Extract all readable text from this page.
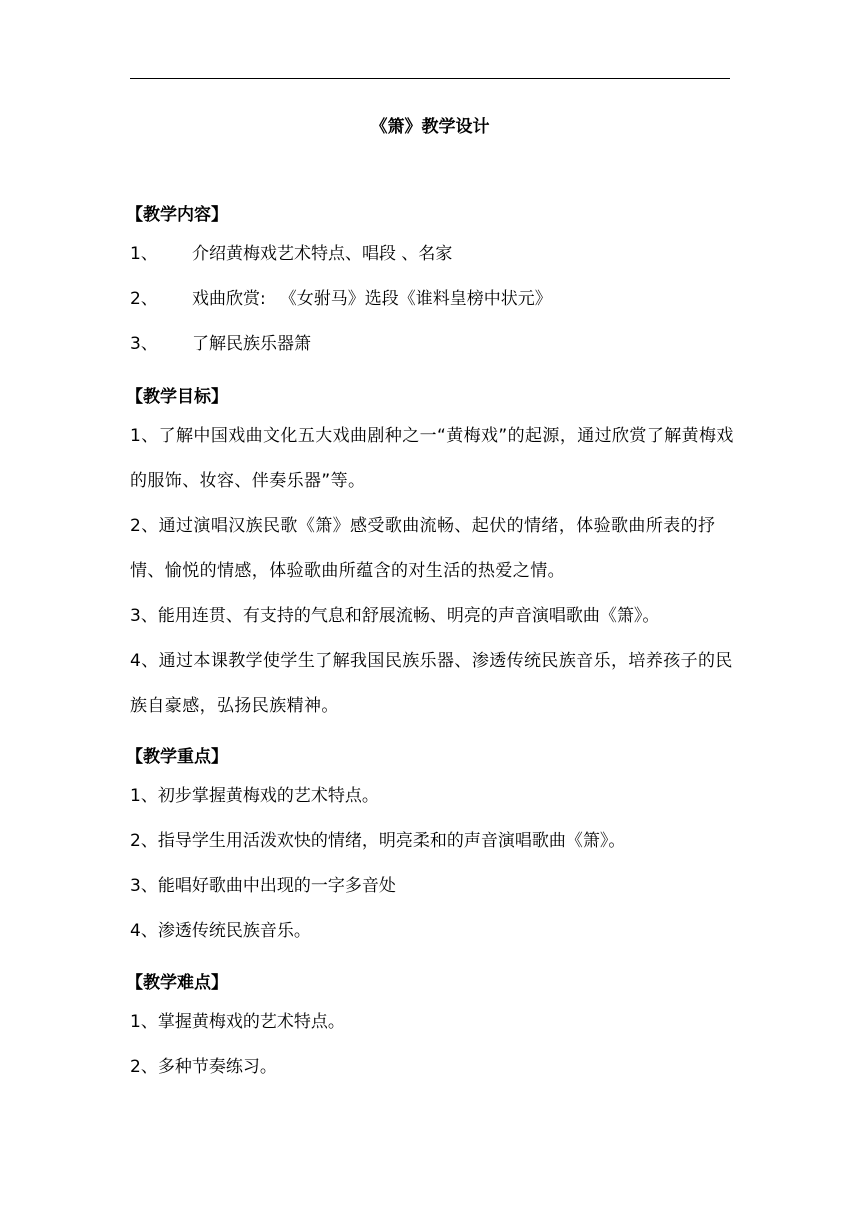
《箫》教学设计
【教学内容】
1、 介绍黄梅戏艺术特点、唱段 、名家
2、 戏曲欣赏: 《女驸马》选段《谁料皇榜中状元》
3、 了解民族乐器箫
【教学目标】
1、了解中国戏曲文化五大戏曲剧种之一“黄梅戏”的起源，通过欣赏了解黄梅戏的服饰、妆容、伴奏乐器”等。
2、通过演唱汉族民歌《箫》感受歌曲流畅、起伏的情绪，体验歌曲所表的抒情、愉悦的情感，体验歌曲所蕴含的对生活的热爱之情。
3、能用连贯、有支持的气息和舒展流畅、明亮的声音演唱歌曲《箫》。
4、通过本课教学使学生了解我国民族乐器、渗透传统民族音乐，培养孩子的民族自豪感，弘扬民族精神。
【教学重点】
1、初步掌握黄梅戏的艺术特点。
2、指导学生用活泼欢快的情绪，明亮柔和的声音演唱歌曲《箫》。
3、能唱好歌曲中出现的一字多音处
4、渗透传统民族音乐。
【教学难点】
1、掌握黄梅戏的艺术特点。
2、多种节奏练习。
